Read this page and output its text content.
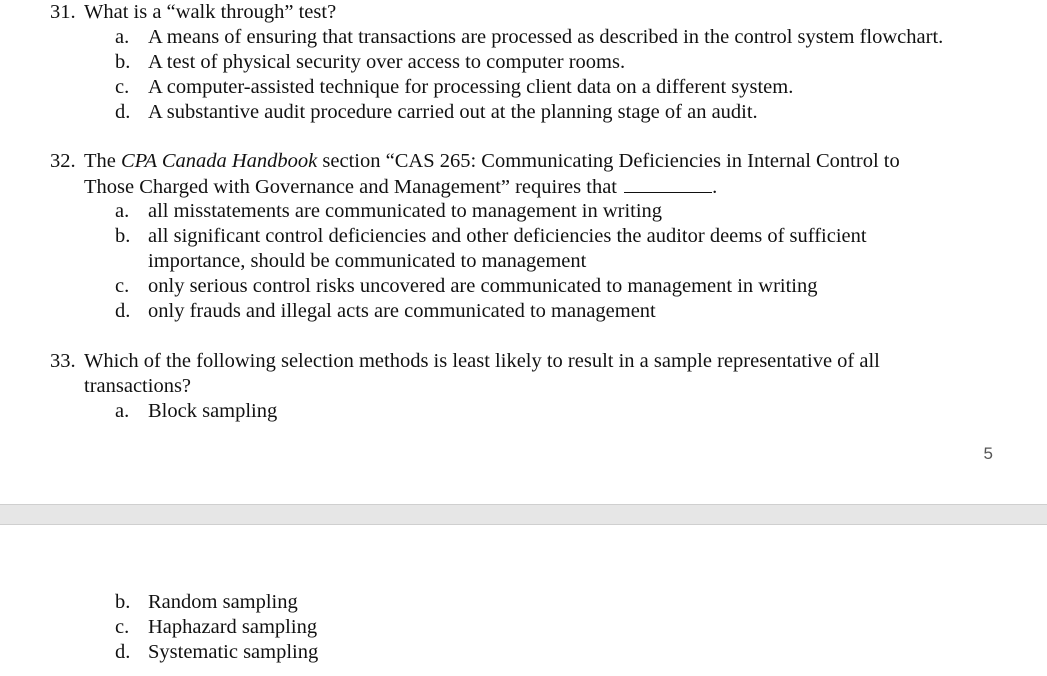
31. What is a “walk through” test?
a. A means of ensuring that transactions are processed as described in the control system flowchart.
b. A test of physical security over access to computer rooms.
c. A computer-assisted technique for processing client data on a different system.
d. A substantive audit procedure carried out at the planning stage of an audit.
32. The CPA Canada Handbook section “CAS 265: Communicating Deficiencies in Internal Control to
Those Charged with Governance and Management” requires that	.
a. all misstatements are communicated to management in writing
b. all significant control deficiencies and other deficiencies the auditor deems of sufficient
importance, should be communicated to management
c. only serious control risks uncovered are communicated to management in writing
d. only frauds and illegal acts are communicated to management
33. Which of the following selection methods is least likely to result in a sample representative of all
transactions?
a. Block sampling
5
b. Random sampling
c. Haphazard sampling
d. Systematic sampling
